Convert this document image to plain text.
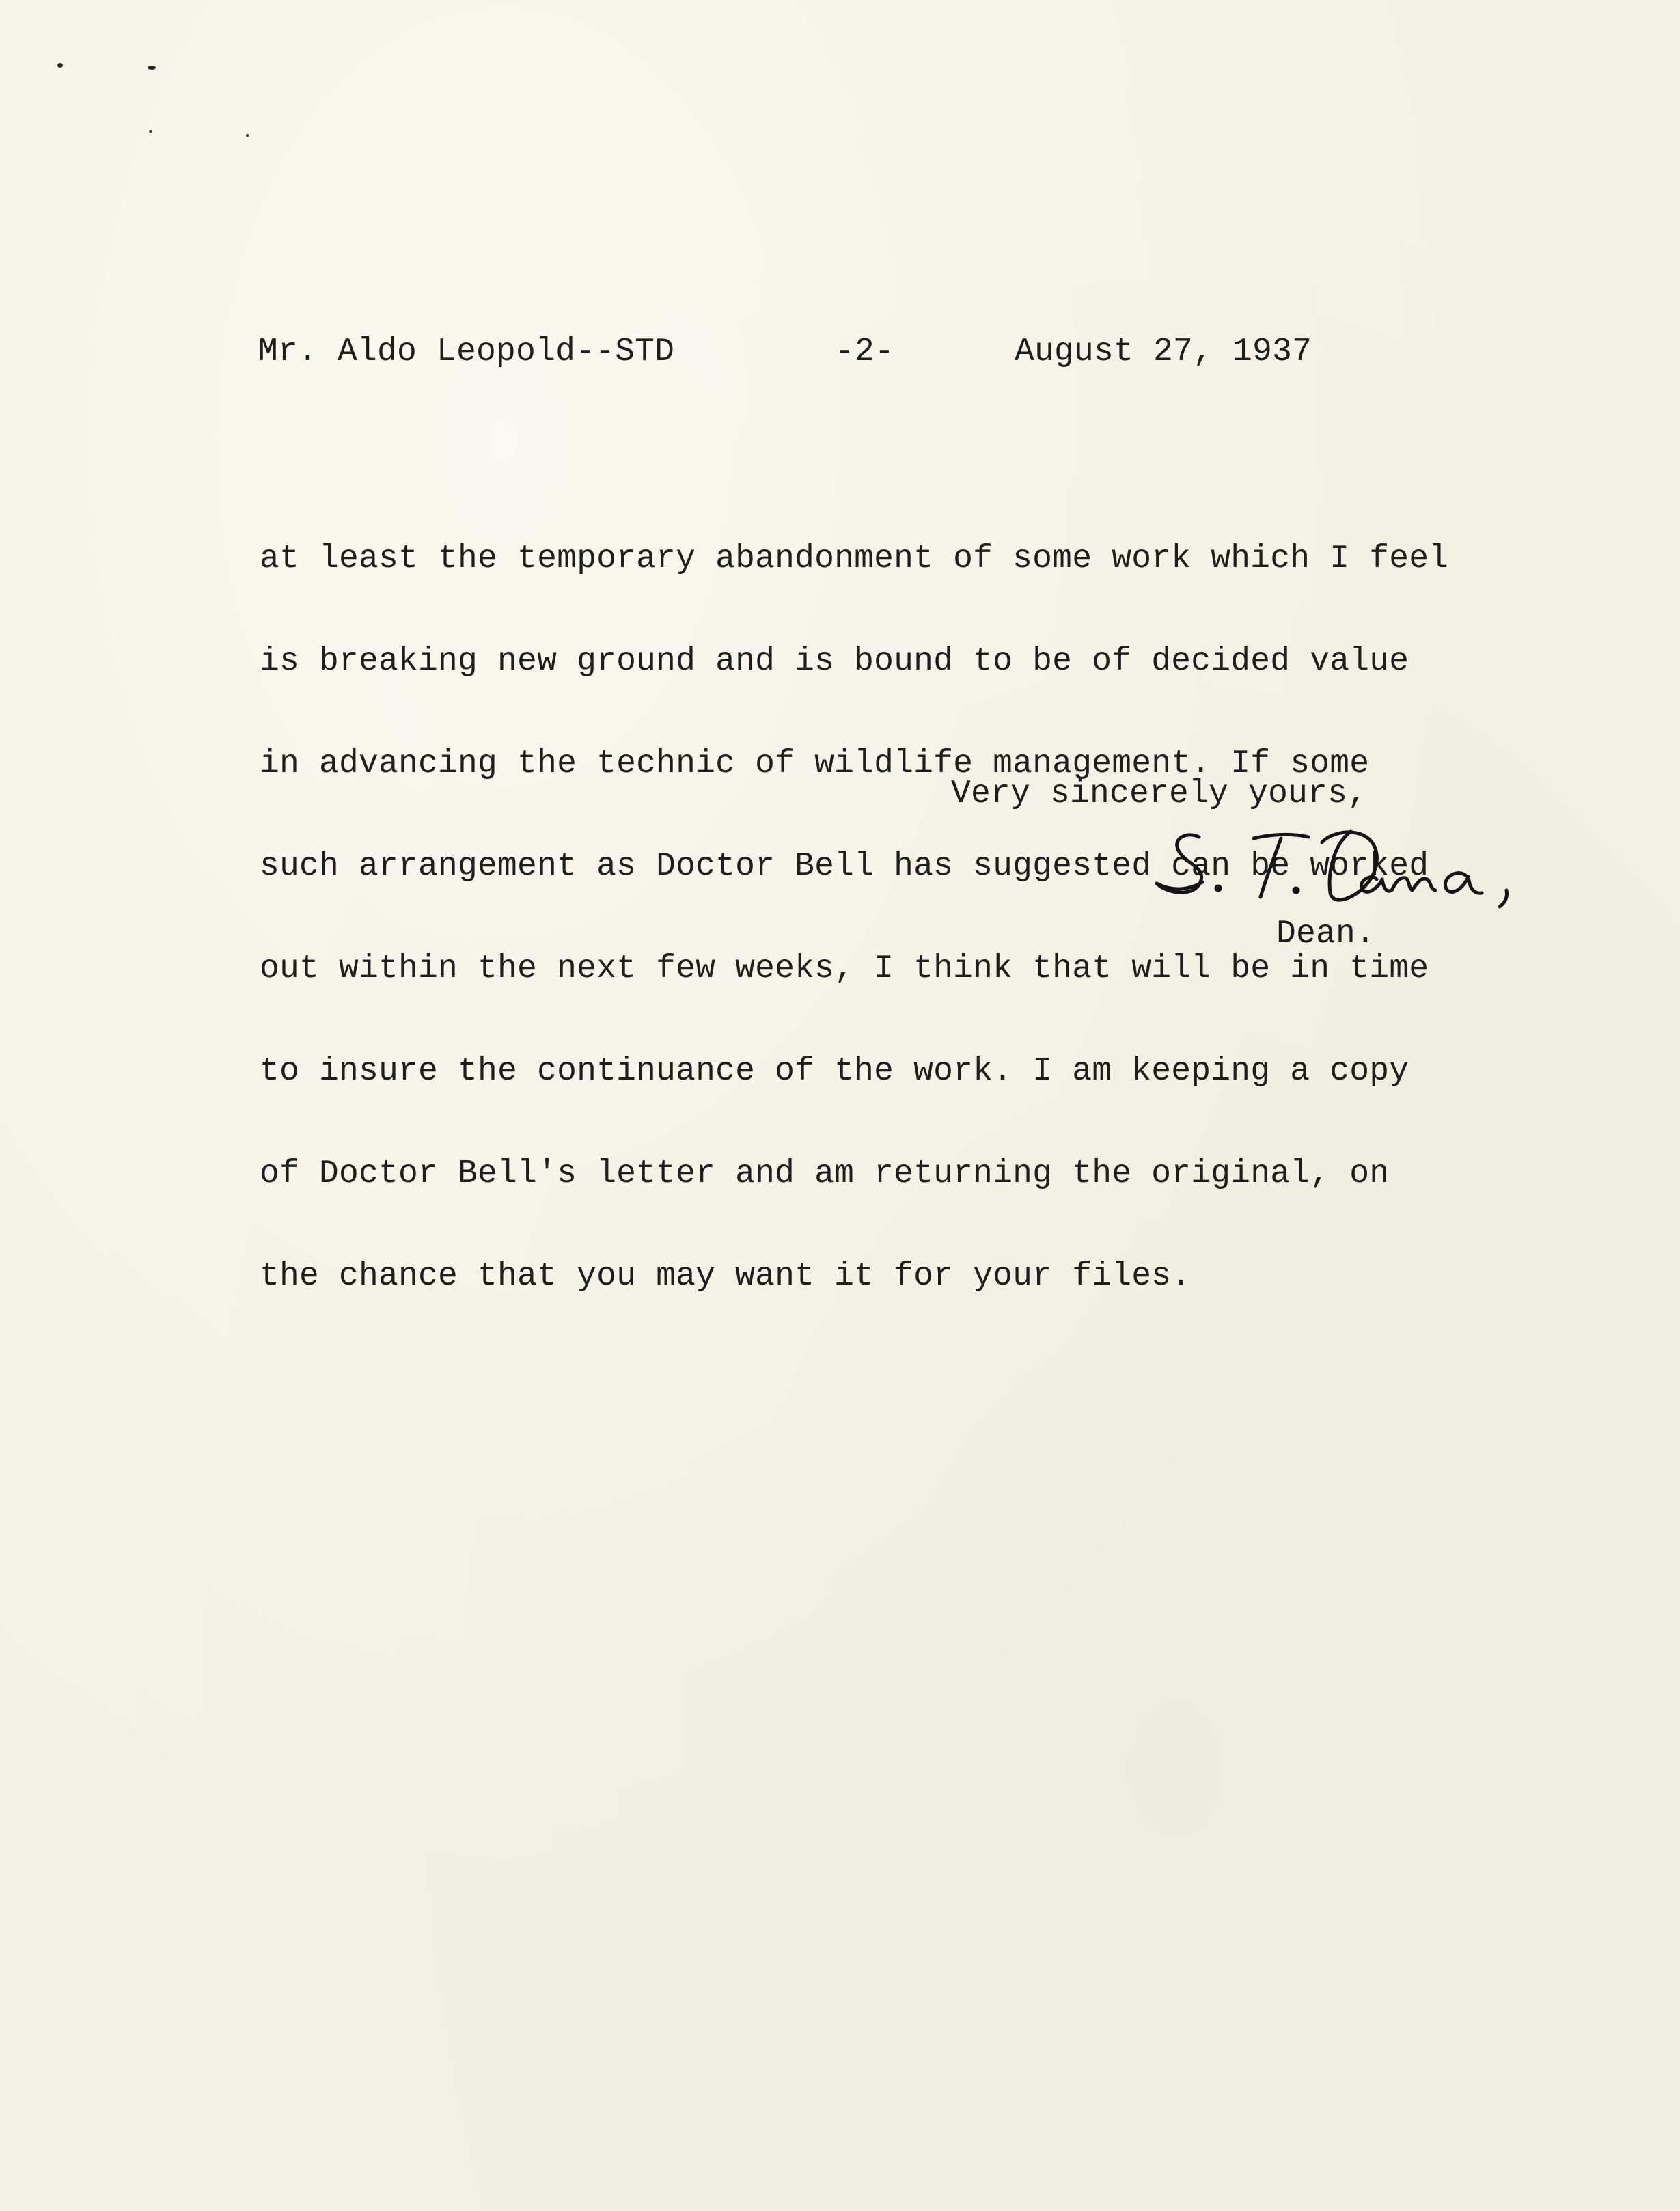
Mr. Aldo Leopold--STD	-2-	August 27, 1937

at least the temporary abandonment of some work which I feel

is breaking new ground and is bound to be of decided value

in advancing the technic of wildlife management. If some

such arrangement as Doctor Bell has suggested can be worked

out within the next few weeks, I think that will be in time

to insure the continuance of the work. I am keeping a copy

of Doctor Bell's letter and am returning the original, on

the chance that you may want it for your files.

Very sincerely yours,
Dean.
